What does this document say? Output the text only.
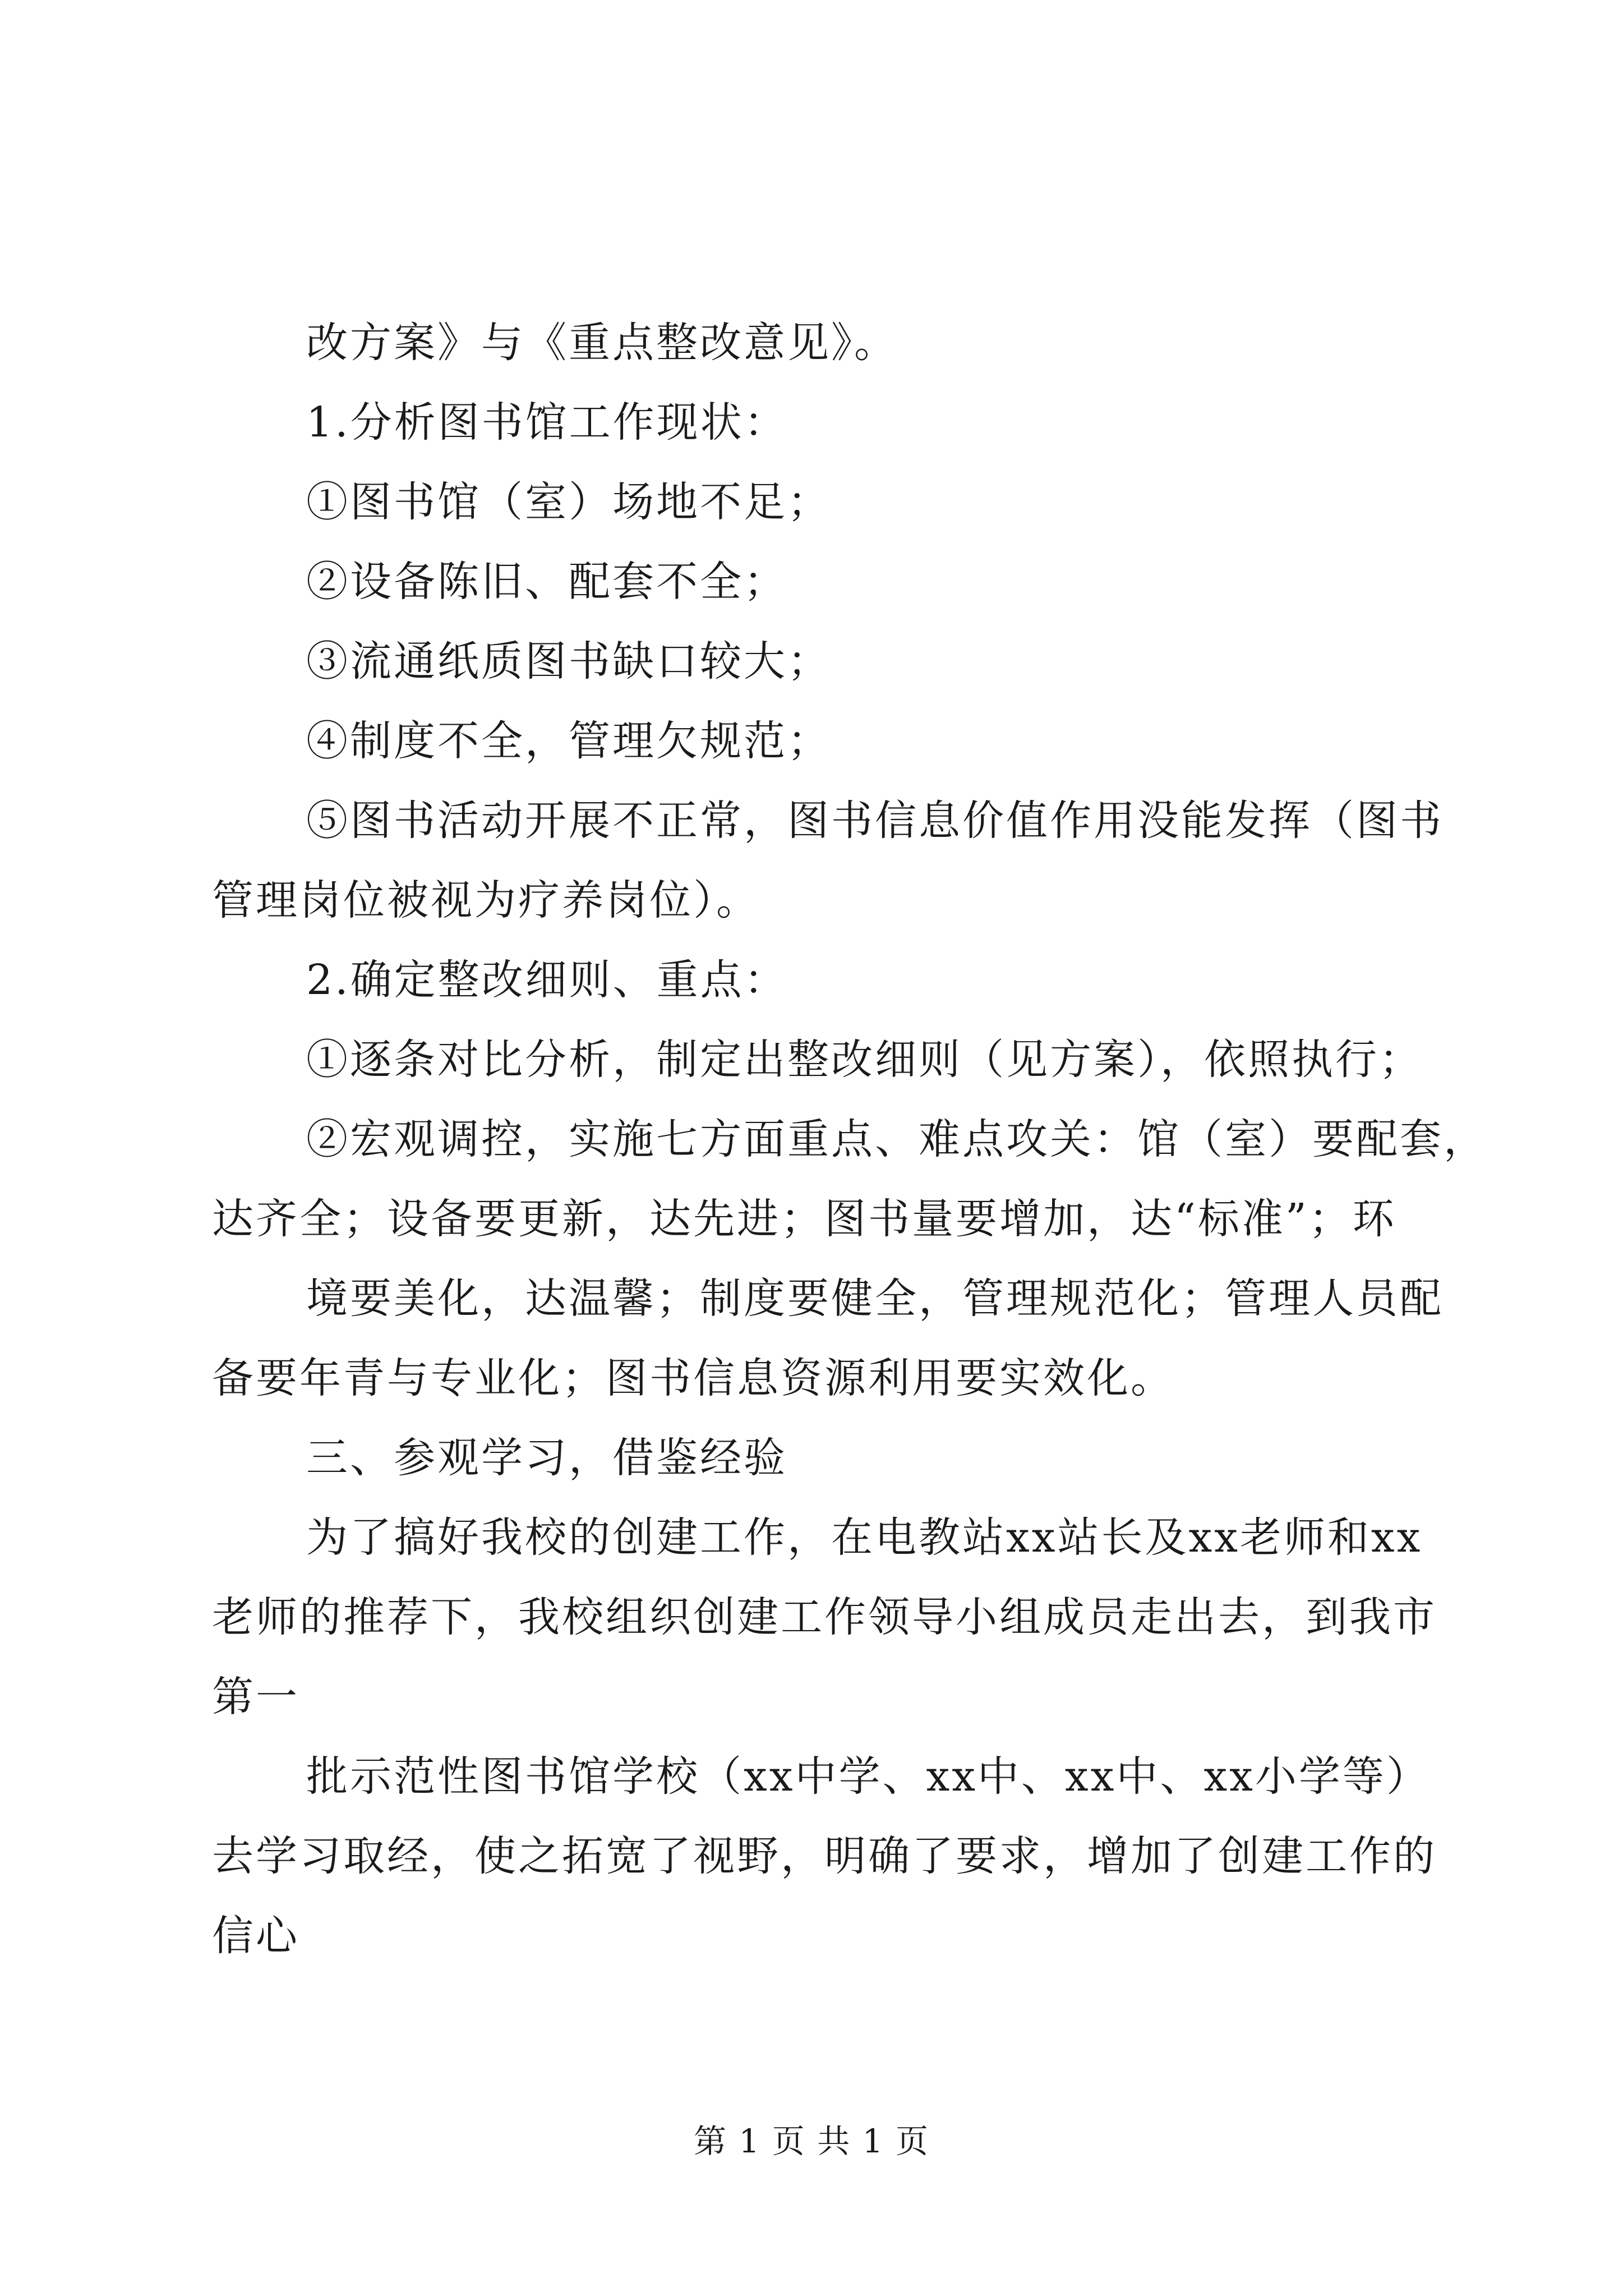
改方案》与《重点整改意见》。
1.分析图书馆工作现状：
①图书馆（室）场地不足；
②设备陈旧、配套不全；
③流通纸质图书缺口较大；
④制度不全，管理欠规范；
⑤图书活动开展不正常，图书信息价值作用没能发挥（图书
管理岗位被视为疗养岗位）。
2.确定整改细则、重点：
①逐条对比分析，制定出整改细则（见方案），依照执行；
②宏观调控，实施七方面重点、难点攻关：馆（室）要配套，
达齐全；设备要更新，达先进；图书量要增加，达“标准”；环
境要美化，达温馨；制度要健全，管理规范化；管理人员配
备要年青与专业化；图书信息资源利用要实效化。
三、参观学习，借鉴经验
为了搞好我校的创建工作，在电教站xx站长及xx老师和xx
老师的推荐下，我校组织创建工作领导小组成员走出去，到我市
第一
批示范性图书馆学校（xx中学、xx中、xx中、xx小学等）
去学习取经，使之拓宽了视野，明确了要求，增加了创建工作的
信心
第 1 页 共 1 页
